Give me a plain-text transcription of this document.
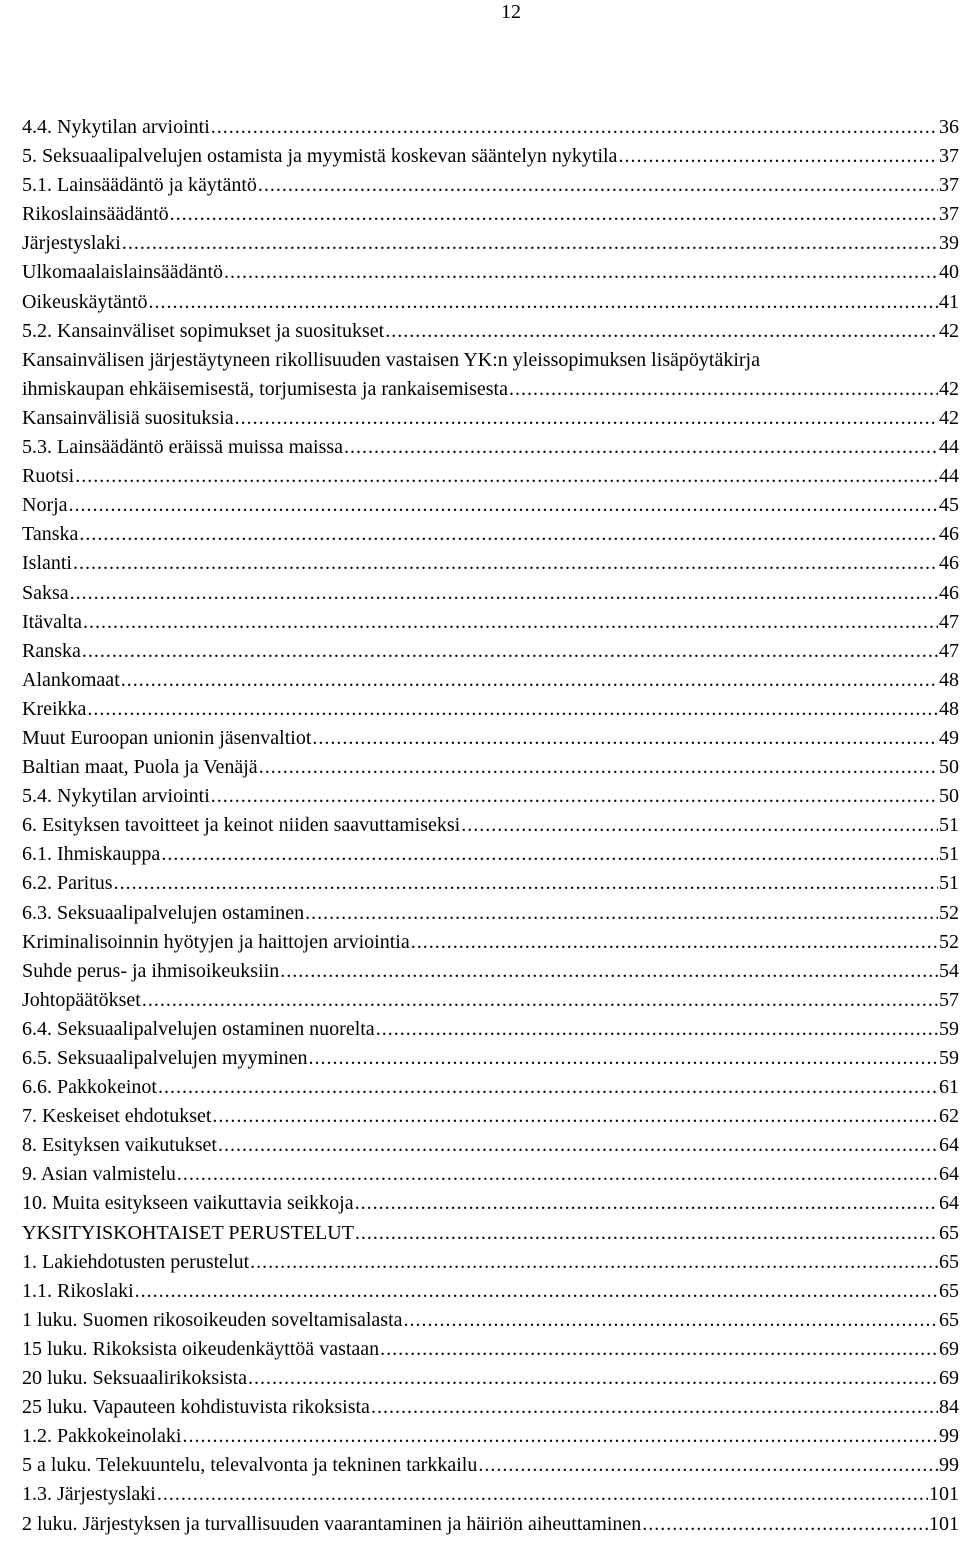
12
4.4. Nykytilan arviointi .....	36
5. Seksuaalipalvelujen ostamista ja myymistä koskevan sääntelyn nykytila .....	37
5.1. Lainsäädäntö ja käytäntö .....	37
Rikoslainsäädäntö .....	37
Järjestyslaki .....	39
Ulkomaalaislainsäädäntö .....	40
Oikeuskäytäntö .....	41
5.2. Kansainväliset sopimukset ja suositukset .....	42
Kansainvälisen järjestäytyneen rikollisuuden vastaisen YK:n yleissopimuksen lisäpöytäkirja
ihmiskaupan ehkäisemisestä, torjumisesta ja rankaisemisesta .....	42
Kansainvälisiä suosituksia .....	42
5.3. Lainsäädäntö eräissä muissa maissa .....	44
Ruotsi .....	44
Norja .....	45
Tanska .....	46
Islanti .....	46
Saksa .....	46
Itävalta .....	47
Ranska .....	47
Alankomaat .....	48
Kreikka .....	48
Muut Euroopan unionin jäsenvaltiot .....	49
Baltian maat, Puola ja Venäjä .....	50
5.4. Nykytilan arviointi .....	50
6. Esityksen tavoitteet ja keinot niiden saavuttamiseksi .....	51
6.1. Ihmiskauppa .....	51
6.2. Paritus .....	51
6.3. Seksuaalipalvelujen ostaminen .....	52
Kriminalisoinnin hyötyjen ja haittojen arviointia .....	52
Suhde perus- ja ihmisoikeuksiin .....	54
Johtopäätökset .....	57
6.4. Seksuaalipalvelujen ostaminen nuorelta .....	59
6.5. Seksuaalipalvelujen myyminen .....	59
6.6. Pakkokeinot .....	61
7. Keskeiset ehdotukset .....	62
8. Esityksen vaikutukset .....	64
9. Asian valmistelu .....	64
10. Muita esitykseen vaikuttavia seikkoja .....	64
YKSITYISKOHTAISET PERUSTELUT .....	65
1. Lakiehdotusten perustelut .....	65
1.1. Rikoslaki .....	65
1 luku. Suomen rikosoikeuden soveltamisalasta .....	65
15 luku. Rikoksista oikeudenkäyttöä vastaan .....	69
20 luku. Seksuaalirikoksista .....	69
25 luku. Vapauteen kohdistuvista rikoksista .....	84
1.2. Pakkokeinolaki .....	99
5 a luku. Telekuuntelu, televalvonta ja tekninen tarkkailu .....	99
1.3. Järjestyslaki .....	101
2 luku. Järjestyksen ja turvallisuuden vaarantaminen ja häiriön aiheuttaminen .....	101
